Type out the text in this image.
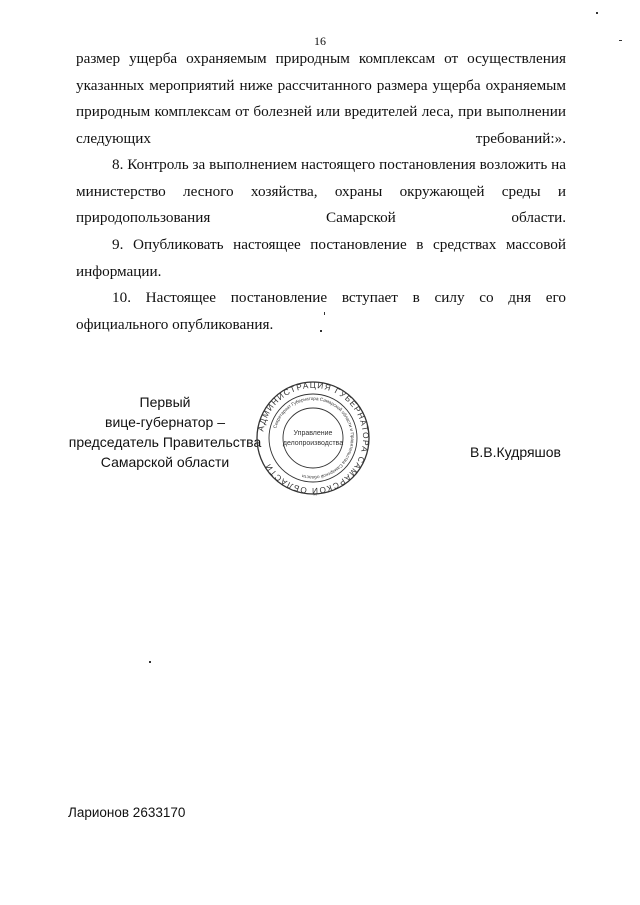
16

размер ущерба охраняемым природным комплексам от осуществления указанных мероприятий ниже рассчитанного размера ущерба охраняемым природным комплексам от болезней или вредителей леса, при выполнении следующих требований:».

8. Контроль за выполнением настоящего постановления возложить на министерство лесного хозяйства, охраны окружающей среды и природопользования Самарской области.

9. Опубликовать настоящее постановление в средствах массовой информации.

10. Настоящее постановление вступает в силу со дня его официального опубликования.

Первый
вице-губернатор –
председатель Правительства
Самарской области
АДМИНИСТРАЦИЯ ГУБЕРНАТОРА САМАРСКОЙ ОБЛАСТИ
Секретариат Губернатора Самарской области и Правительства Самарской области
Управление
делопроизводства
В.В.Кудряшов
Ларионов 2633170
